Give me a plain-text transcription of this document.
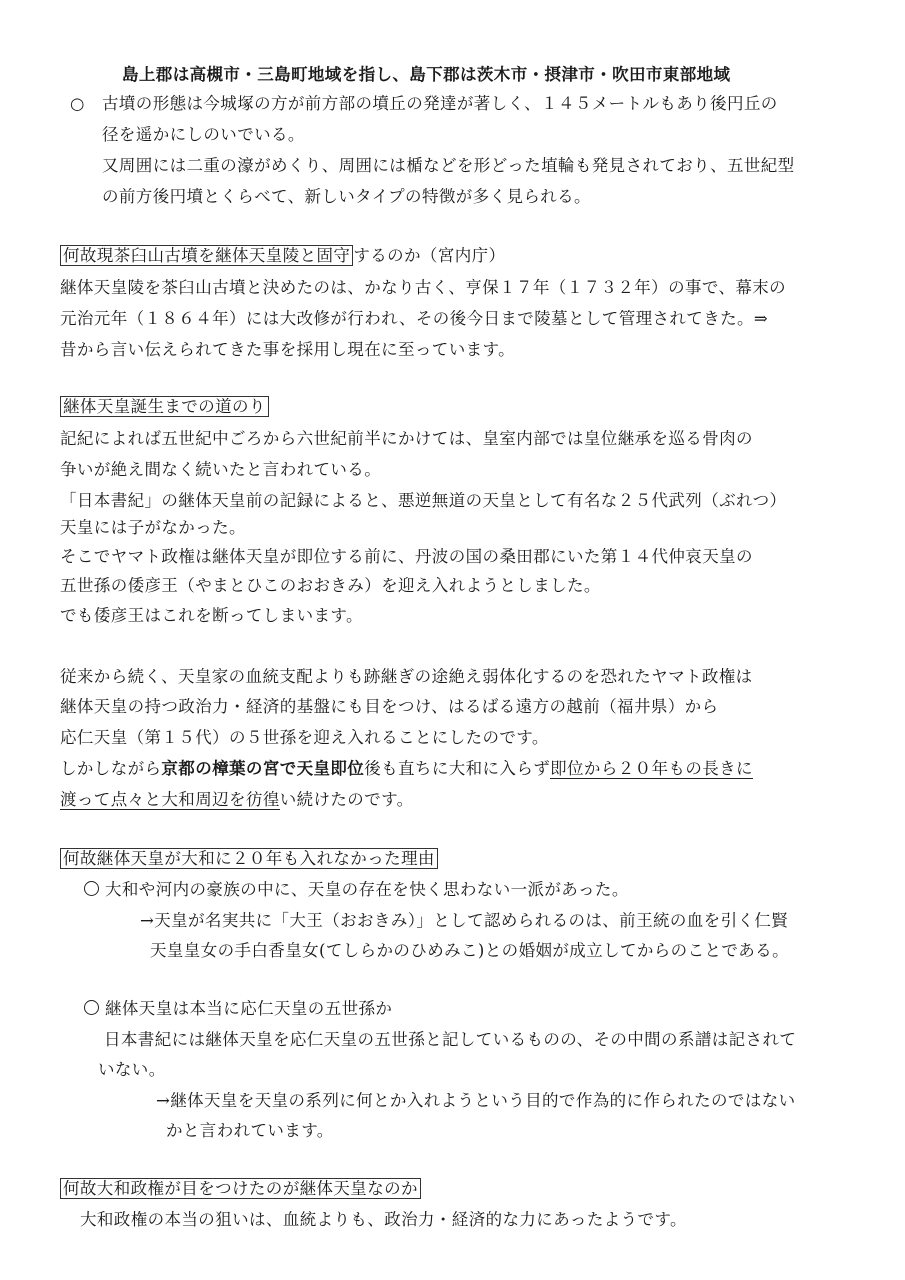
島上郡は高槻市・三島町地域を指し、島下郡は茨木市・摂津市・吹田市東部地域
○ 古墳の形態は今城塚の方が前方部の墳丘の発達が著しく、１４５メートルもあり後円丘の
径を遥かにしのいでいる。
又周囲には二重の濠がめくり、周囲には楯などを形どった埴輪も発見されており、五世紀型
の前方後円墳とくらべて、新しいタイプの特徴が多く見られる。
何故現茶臼山古墳を継体天皇陵と固守 するのか（宮内庁）
継体天皇陵を茶臼山古墳と決めたのは、かなり古く、亨保１７年（１７３２年）の事で、幕末の
元治元年（１８６４年）には大改修が行われ、その後今日まで陵墓として管理されてきた。⇒
昔から言い伝えられてきた事を採用し現在に至っています。
継体天皇誕生までの道のり
記紀によれば五世紀中ごろから六世紀前半にかけては、皇室内部では皇位継承を巡る骨肉の
争いが絶え間なく続いたと言われている。
「日本書紀」の継体天皇前の記録によると、悪逆無道の天皇として有名な２５代武列（ぶれつ）
天皇には子がなかった。
そこでヤマト政権は継体天皇が即位する前に、丹波の国の桑田郡にいた第１４代仲哀天皇の
五世孫の倭彦王（やまとひこのおおきみ）を迎え入れようとしました。
でも倭彦王はこれを断ってしまいます。
従来から続く、天皇家の血統支配よりも跡継ぎの途絶え弱体化するのを恐れたヤマト政権は
継体天皇の持つ政治力・経済的基盤にも目をつけ、はるばる遠方の越前（福井県）から
応仁天皇（第１５代）の５世孫を迎え入れることにしたのです。
しかしながら京都の樟葉の宮で天皇即位後も直ちに大和に入らず即位から２０年もの長きに
渡って点々と大和周辺を彷徨い続けたのです。
何故継体天皇が大和に２０年も入れなかった理由
大和や河内の豪族の中に、天皇の存在を快く思わない一派があった。
→天皇が名実共に「大王（おおきみ）」として認められるのは、前王統の血を引く仁賢
天皇皇女の手白香皇女(てしらかのひめみこ)との婚姻が成立してからのことである。
継体天皇は本当に応仁天皇の五世孫か
日本書紀には継体天皇を応仁天皇の五世孫と記しているものの、その中間の系譜は記されて
いない。
→継体天皇を天皇の系列に何とか入れようという目的で作為的に作られたのではない
かと言われています。
何故大和政権が目をつけたのが継体天皇なのか
大和政権の本当の狙いは、血統よりも、政治力・経済的な力にあったようです。
